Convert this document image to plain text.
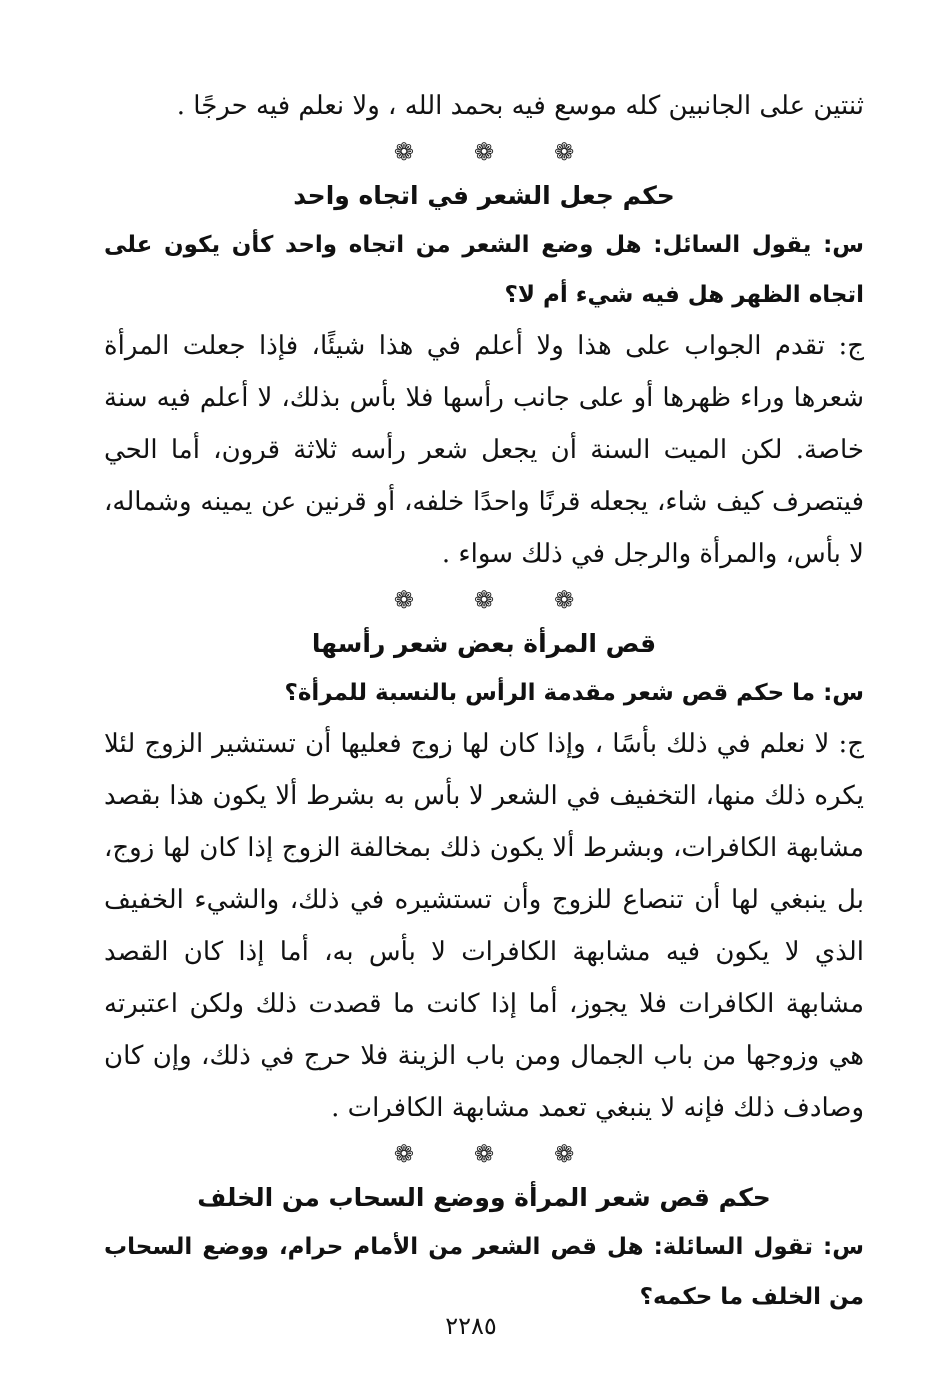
ثنتين على الجانبين كله موسع فيه بحمد الله ، ولا نعلم فيه حرجًا .

❁
❁
❁
حكم جعل الشعر في اتجاه واحد

س: يقول السائل: هل وضع الشعر من اتجاه واحد كأن يكون على اتجاه الظهر هل فيه شيء أم لا؟

ج: تقدم الجواب على هذا ولا أعلم في هذا شيئًا، فإذا جعلت المرأة شعرها وراء ظهرها أو على جانب رأسها فلا بأس بذلك، لا أعلم فيه سنة خاصة. لكن الميت السنة أن يجعل شعر رأسه ثلاثة قرون، أما الحي فيتصرف كيف شاء، يجعله قرنًا واحدًا خلفه، أو قرنين عن يمينه وشماله، لا بأس، والمرأة والرجل في ذلك سواء .

❁
❁
❁
قص المرأة بعض شعر رأسها

س: ما حكم قص شعر مقدمة الرأس بالنسبة للمرأة؟

ج: لا نعلم في ذلك بأسًا ، وإذا كان لها زوج فعليها أن تستشير الزوج لئلا يكره ذلك منها، التخفيف في الشعر لا بأس به بشرط ألا يكون هذا بقصد مشابهة الكافرات، وبشرط ألا يكون ذلك بمخالفة الزوج إذا كان لها زوج، بل ينبغي لها أن تنصاع للزوج وأن تستشيره في ذلك، والشيء الخفيف الذي لا يكون فيه مشابهة الكافرات لا بأس به، أما إذا كان القصد مشابهة الكافرات فلا يجوز، أما إذا كانت ما قصدت ذلك ولكن اعتبرته هي وزوجها من باب الجمال ومن باب الزينة فلا حرج في ذلك، وإن كان وصادف ذلك فإنه لا ينبغي تعمد مشابهة الكافرات .

❁
❁
❁
حكم قص شعر المرأة ووضع السحاب من الخلف

س: تقول السائلة: هل قص الشعر من الأمام حرام، ووضع السحاب من الخلف ما حكمه؟

٢٢٨٥
